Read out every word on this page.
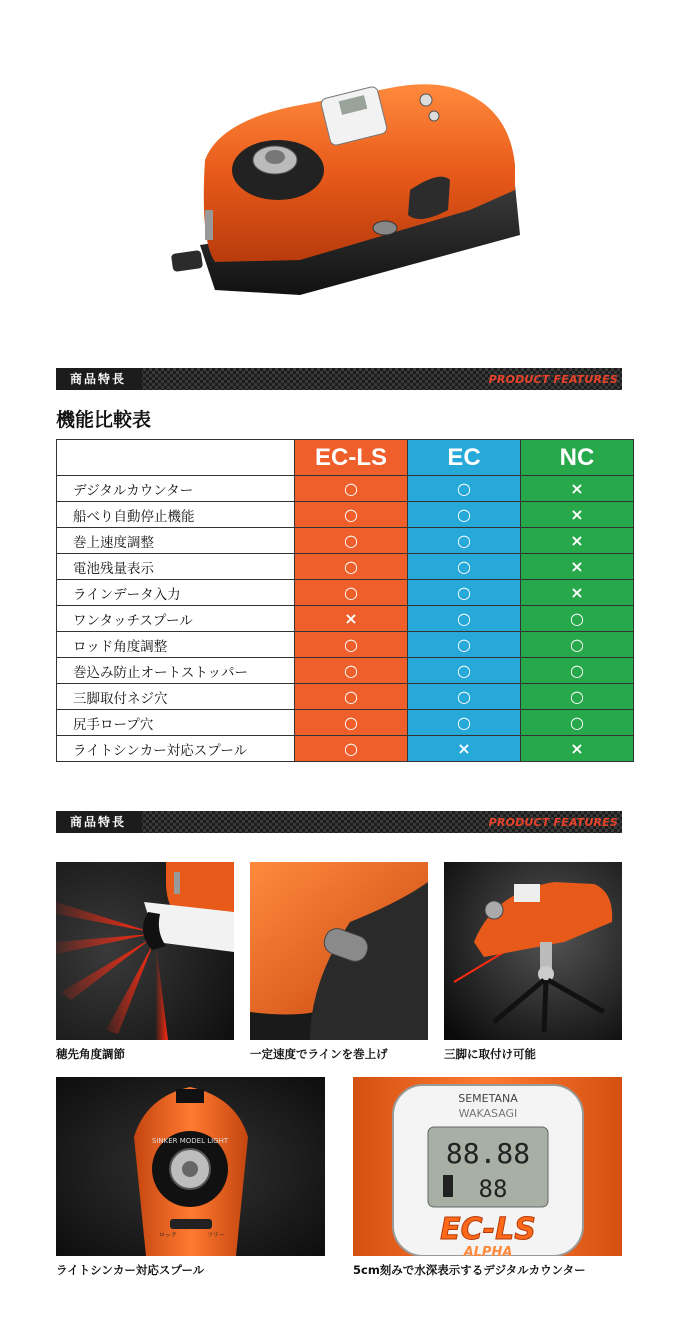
商品特長	PRODUCT FEATURES
機能比較表
	EC-LS	EC	NC
デジタルカウンター	○	○	×
船べり自動停止機能	○	○	×
巻上速度調整	○	○	×
電池残量表示	○	○	×
ラインデータ入力	○	○	×
ワンタッチスプール	×	○	○
ロッド角度調整	○	○	○
巻込み防止オートストッパー	○	○	○
三脚取付ネジ穴	○	○	○
尻手ロープ穴	○	○	○
ライトシンカー対応スプール	○	×	×
商品特長	PRODUCT FEATURES
穂先角度調節	一定速度でラインを巻上げ	三脚に取付け可能
SINKER MODEL LIGHT
ロック	フリー
ライトシンカー対応スプール
SEMETANA
WAKASAGI
88.88
88
EC-LS
ALPHA
5cm刻みで水深表示するデジタルカウンター
